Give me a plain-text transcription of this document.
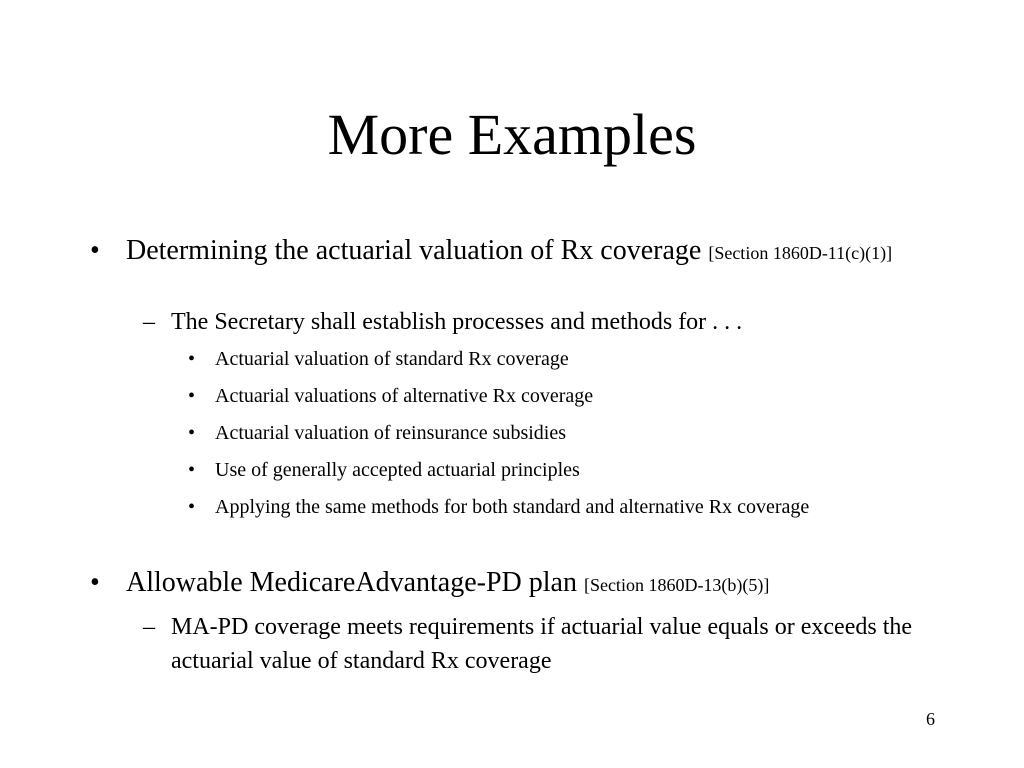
More Examples
• Determining the actuarial valuation of Rx coverage [Section 1860D-11(c)(1)]
– The Secretary shall establish processes and methods for . . .
• Actuarial valuation of standard Rx coverage
• Actuarial valuations of alternative Rx coverage
• Actuarial valuation of reinsurance subsidies
• Use of generally accepted actuarial principles
• Applying the same methods for both standard and alternative Rx coverage
• Allowable MedicareAdvantage-PD plan [Section 1860D-13(b)(5)]
– MA-PD coverage meets requirements if actuarial value equals or exceeds the actuarial value of standard Rx coverage
6
